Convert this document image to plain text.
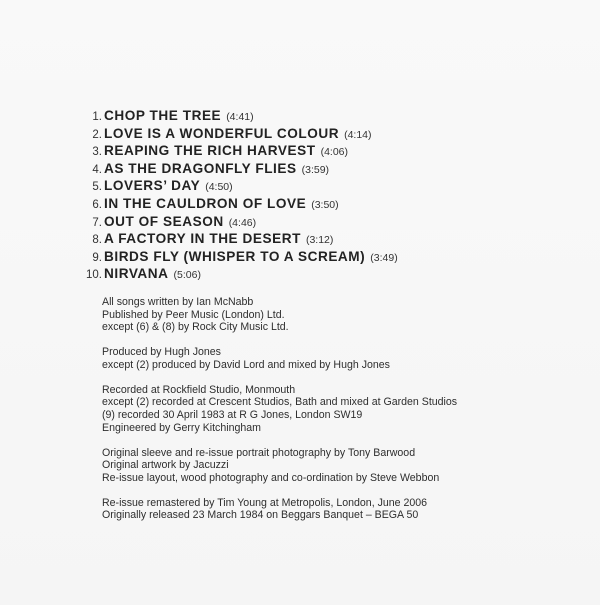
1. CHOP THE TREE (4:41)
2. LOVE IS A WONDERFUL COLOUR (4:14)
3. REAPING THE RICH HARVEST (4:06)
4. AS THE DRAGONFLY FLIES (3:59)
5. LOVERS’ DAY (4:50)
6. IN THE CAULDRON OF LOVE (3:50)
7. OUT OF SEASON (4:46)
8. A FACTORY IN THE DESERT (3:12)
9. BIRDS FLY (WHISPER TO A SCREAM) (3:49)
10. NIRVANA (5:06)
All songs written by Ian McNabb
Published by Peer Music (London) Ltd.
except (6) & (8) by Rock City Music Ltd.
Produced by Hugh Jones
except (2) produced by David Lord and mixed by Hugh Jones
Recorded at Rockfield Studio, Monmouth
except (2) recorded at Crescent Studios, Bath and mixed at Garden Studios
(9) recorded 30 April 1983 at R G Jones, London SW19
Engineered by Gerry Kitchingham
Original sleeve and re-issue portrait photography by Tony Barwood
Original artwork by Jacuzzi
Re-issue layout, wood photography and co-ordination by Steve Webbon
Re-issue remastered by Tim Young at Metropolis, London, June 2006
Originally released 23 March 1984 on Beggars Banquet – BEGA 50
